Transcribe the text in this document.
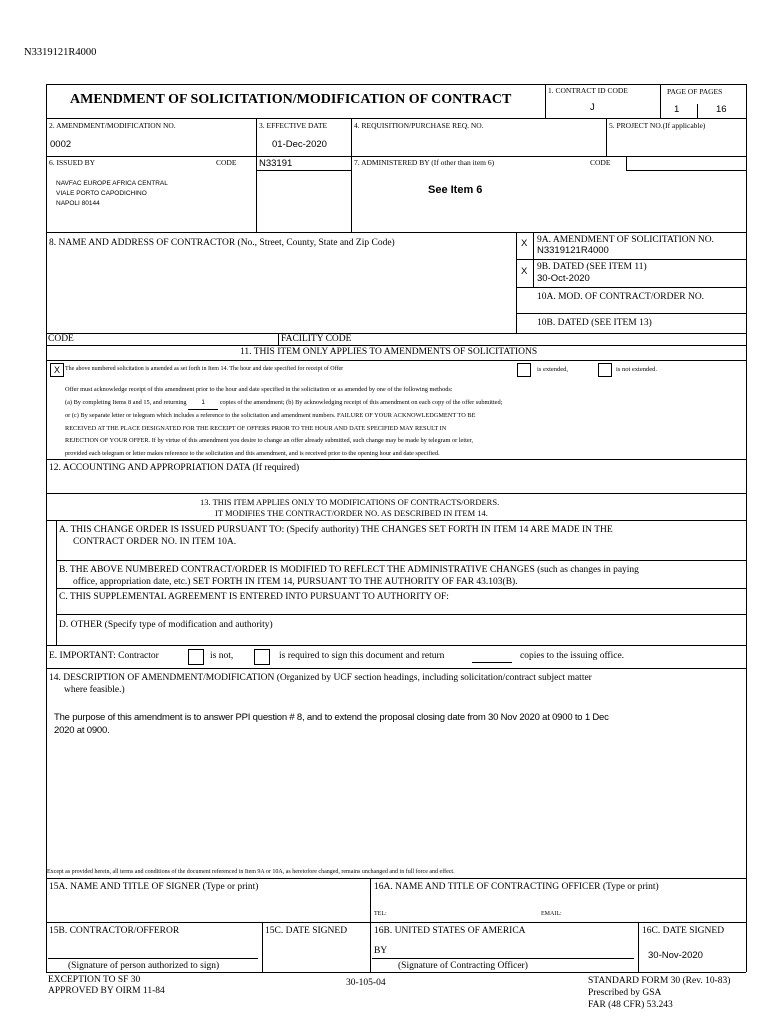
N3319121R4000
AMENDMENT OF SOLICITATION/MODIFICATION OF CONTRACT
1. CONTRACT ID CODE
J
PAGE OF PAGES
1	16
2. AMENDMENT/MODIFICATION NO.
0002
3. EFFECTIVE DATE
01-Dec-2020
4. REQUISITION/PURCHASE REQ. NO.	5. PROJECT NO.(If applicable)
6. ISSUED BY	CODE N33191
NAVFAC EUROPE AFRICA CENTRAL
VIALE PORTO CAPODICHINO
NAPOLI 80144
7. ADMINISTERED BY (If other than item 6)	CODE
See Item 6
8. NAME AND ADDRESS OF CONTRACTOR (No., Street, County, State and Zip Code)	X 9A. AMENDMENT OF SOLICITATION NO.
N3319121R4000
X 9B. DATED (SEE ITEM 11)
30-Oct-2020
10A. MOD. OF CONTRACT/ORDER NO.
10B. DATED (SEE ITEM 13)
CODE	FACILITY CODE
11. THIS ITEM ONLY APPLIES TO AMENDMENTS OF SOLICITATIONS
X The above numbered solicitation is amended as set forth in Item 14. The hour and date specified for receipt of Offer	is extended,	is not extended.
Offer must acknowledge receipt of this amendment prior to the hour and date specified in the solicitation or as amended by one of the following methods:
(a) By completing Items 8 and 15, and returning 1 copies of the amendment; (b) By acknowledging receipt of this amendment on each copy of the offer submitted;
or (c) By separate letter or telegram which includes a reference to the solicitation and amendment numbers. FAILURE OF YOUR ACKNOWLEDGMENT TO BE
RECEIVED AT THE PLACE DESIGNATED FOR THE RECEIPT OF OFFERS PRIOR TO THE HOUR AND DATE SPECIFIED MAY RESULT IN
REJECTION OF YOUR OFFER. If by virtue of this amendment you desire to change an offer already submitted, such change may be made by telegram or letter,
provided each telegram or letter makes reference to the solicitation and this amendment, and is received prior to the opening hour and date specified.
12. ACCOUNTING AND APPROPRIATION DATA (If required)
13. THIS ITEM APPLIES ONLY TO MODIFICATIONS OF CONTRACTS/ORDERS.
IT MODIFIES THE CONTRACT/ORDER NO. AS DESCRIBED IN ITEM 14.
A. THIS CHANGE ORDER IS ISSUED PURSUANT TO: (Specify authority) THE CHANGES SET FORTH IN ITEM 14 ARE MADE IN THE
CONTRACT ORDER NO. IN ITEM 10A.
B. THE ABOVE NUMBERED CONTRACT/ORDER IS MODIFIED TO REFLECT THE ADMINISTRATIVE CHANGES (such as changes in paying
office, appropriation date, etc.) SET FORTH IN ITEM 14, PURSUANT TO THE AUTHORITY OF FAR 43.103(B).
C. THIS SUPPLEMENTAL AGREEMENT IS ENTERED INTO PURSUANT TO AUTHORITY OF:
D. OTHER (Specify type of modification and authority)
E. IMPORTANT: Contractor	is not,	is required to sign this document and return	copies to the issuing office.
14. DESCRIPTION OF AMENDMENT/MODIFICATION (Organized by UCF section headings, including solicitation/contract subject matter
where feasible.)
The purpose of this amendment is to answer PPI question # 8, and to extend the proposal closing date from 30 Nov 2020 at 0900 to 1 Dec
2020 at 0900.
Except as provided herein, all terms and conditions of the document referenced in Item 9A or 10A, as heretofore changed, remains unchanged and in full force and effect.
15A. NAME AND TITLE OF SIGNER (Type or print)	16A. NAME AND TITLE OF CONTRACTING OFFICER (Type or print)
TEL:	EMAIL:
15B. CONTRACTOR/OFFEROR
(Signature of person authorized to sign)
15C. DATE SIGNED	16B. UNITED STATES OF AMERICA
BY
(Signature of Contracting Officer)
16C. DATE SIGNED
30-Nov-2020
EXCEPTION TO SF 30
APPROVED BY OIRM 11-84
30-105-04	STANDARD FORM 30 (Rev. 10-83)
Prescribed by GSA
FAR (48 CFR) 53.243
